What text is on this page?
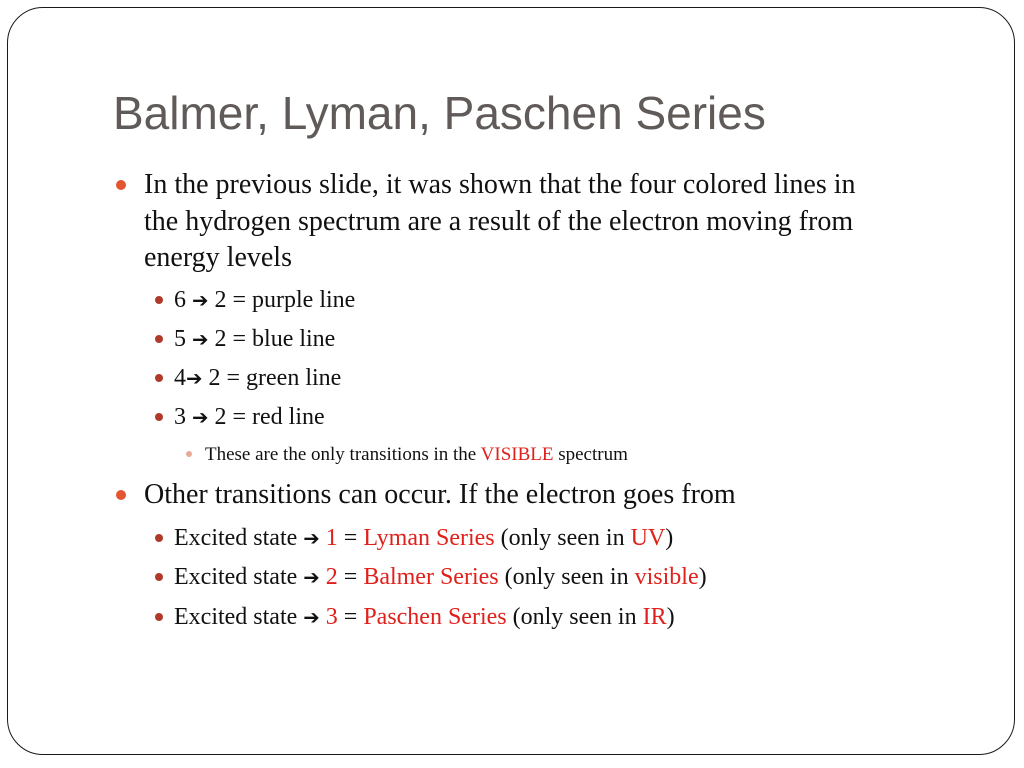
Balmer, Lyman, Paschen Series
In the previous slide, it was shown that the four colored lines in
the hydrogen spectrum are a result of the electron moving from
energy levels
6 ➔ 2 = purple line
5 ➔ 2 = blue line
4➔ 2 = green line
3 ➔ 2 = red line
These are the only transitions in the VISIBLE spectrum
Other transitions can occur. If the electron goes from
Excited state ➔ 1 = Lyman Series (only seen in UV)
Excited state ➔ 2 = Balmer Series (only seen in visible)
Excited state ➔ 3 = Paschen Series (only seen in IR)
